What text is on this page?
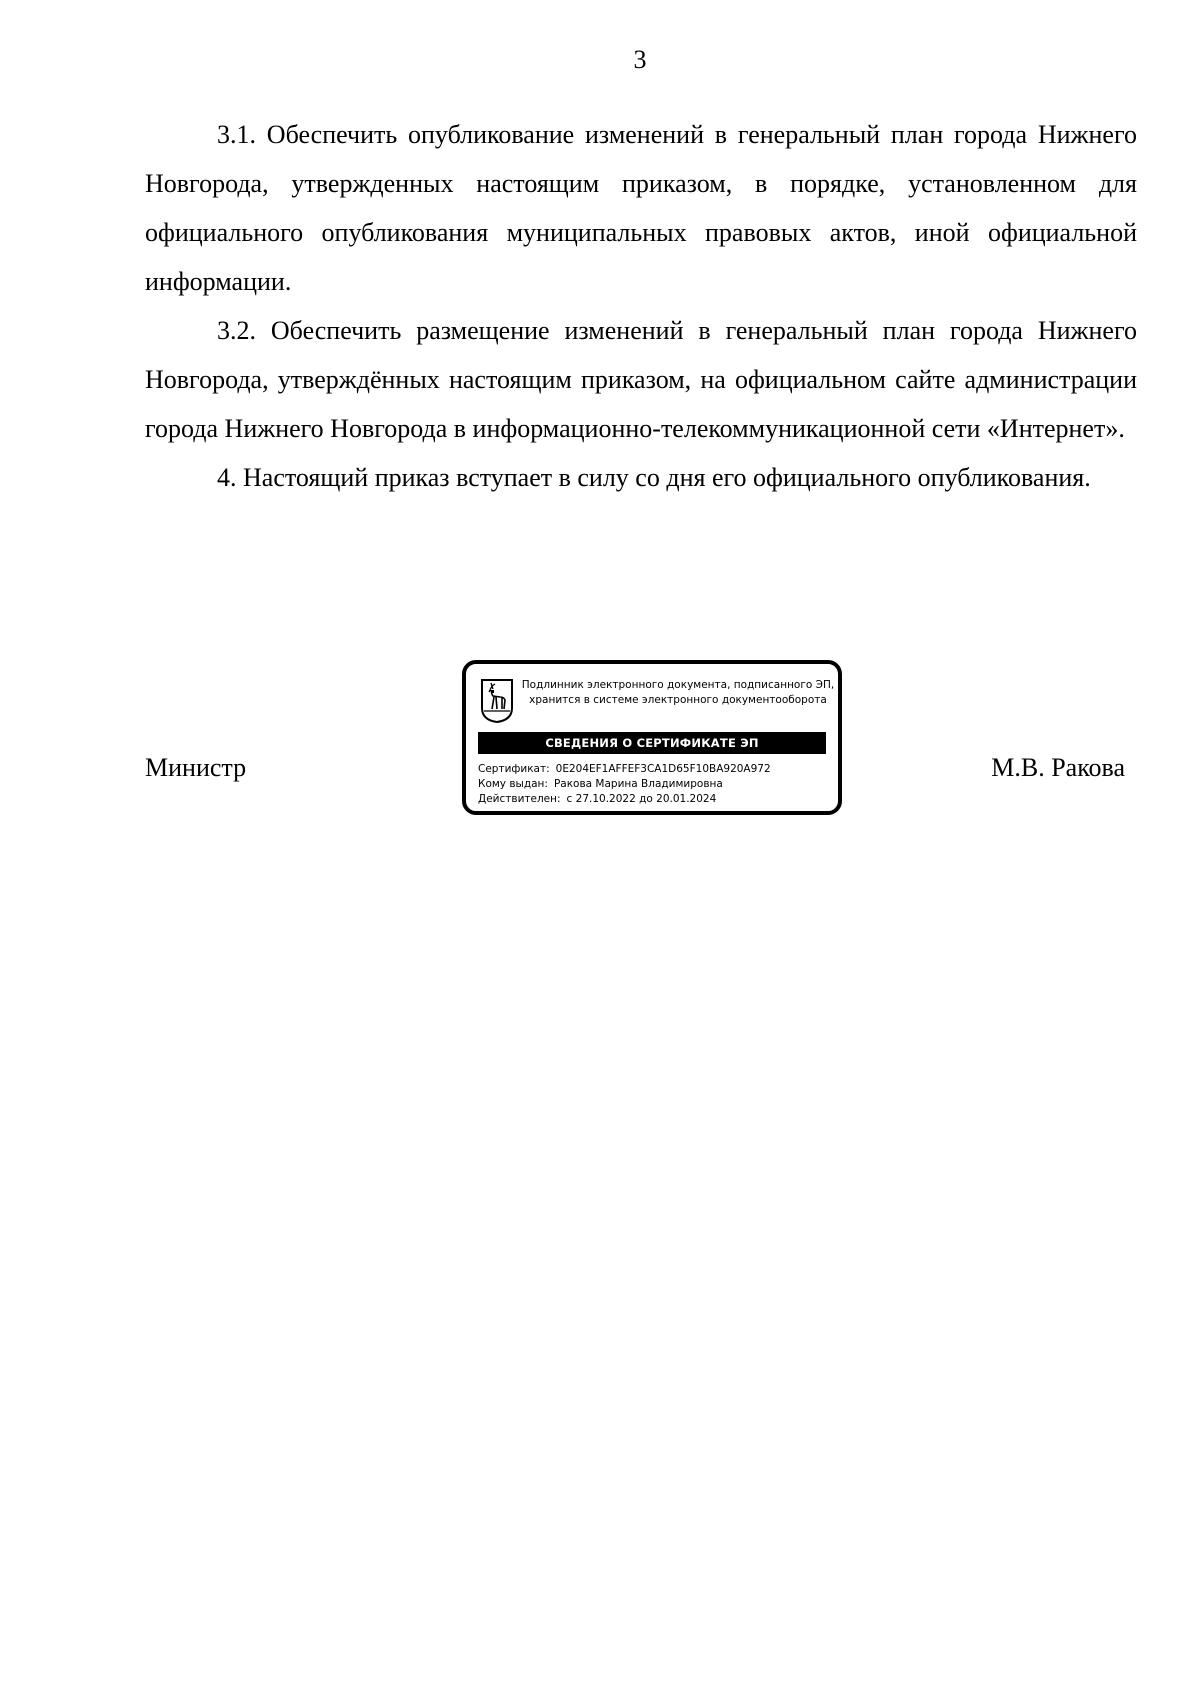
3

3.1. Обеспечить опубликование изменений в генеральный план города Нижнего Новгорода, утвержденных настоящим приказом, в порядке, установленном для официального опубликования муниципальных правовых актов, иной официальной информации.

3.2. Обеспечить размещение изменений в генеральный план города Нижнего Новгорода, утверждённых настоящим приказом, на официальном сайте администрации города Нижнего Новгорода в информационно-телекоммуникационной сети «Интернет».

4. Настоящий приказ вступает в силу со дня его официального опубликования.

Министр
Подлинник электронного документа, подписанного ЭП,
хранится в системе электронного документооборота
СВЕДЕНИЯ О СЕРТИФИКАТЕ ЭП
Сертификат: 0E204EF1AFFEF3CA1D65F10BA920A972
Кому выдан: Ракова Марина Владимировна
Действителен: с 27.10.2022 до 20.01.2024
М.В. Ракова
